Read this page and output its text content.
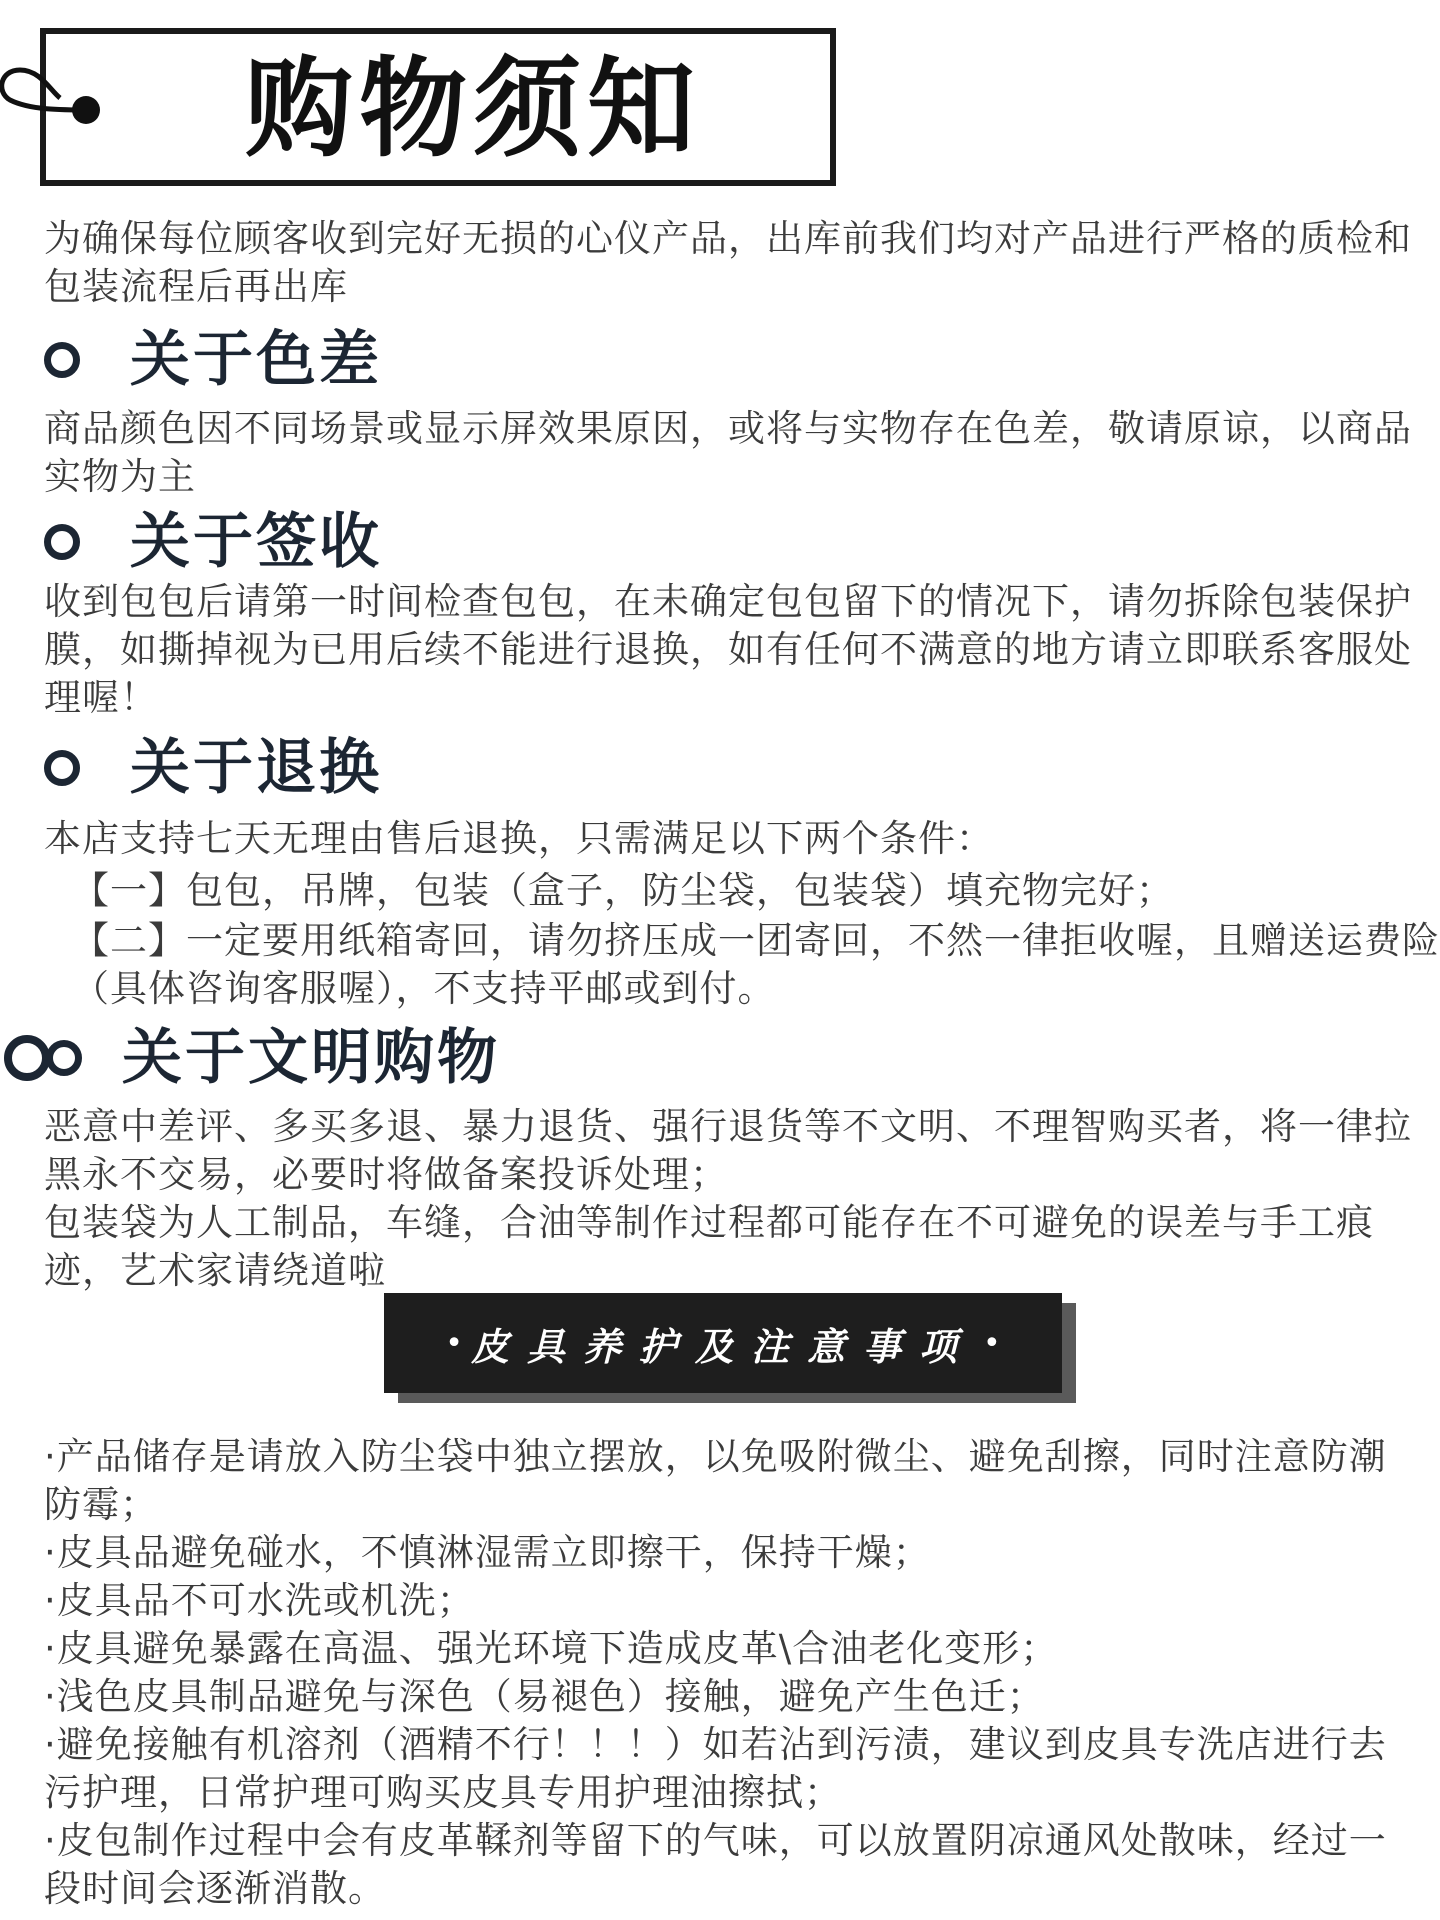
购物须知

为确保每位顾客收到完好无损的心仪产品，出库前我们均对产品进行严格的质检和包装流程后再出库

关于色差

商品颜色因不同场景或显示屏效果原因，或将与实物存在色差，敬请原谅，以商品实物为主

关于签收

收到包包后请第一时间检查包包，在未确定包包留下的情况下，请勿拆除包装保护膜，如撕掉视为已用后续不能进行退换，如有任何不满意的地方请立即联系客服处理喔！

关于退换

本店支持七天无理由售后退换，只需满足以下两个条件：

【一】包包，吊牌，包装（盒子，防尘袋，包装袋）填充物完好；

【二】一定要用纸箱寄回，请勿挤压成一团寄回，不然一律拒收喔，且赠送运费险（具体咨询客服喔），不支持平邮或到付。

关于文明购物

恶意中差评、多买多退、暴力退货、强行退货等不文明、不理智购买者，将一律拉黑永不交易，必要时将做备案投诉处理；

包装袋为人工制品，车缝，合油等制作过程都可能存在不可避免的误差与手工痕迹，艺术家请绕道啦

• 皮具养护及注意事项 •

·产品储存是请放入防尘袋中独立摆放，以免吸附微尘、避免刮擦，同时注意防潮防霉；

·皮具品避免碰水，不慎淋湿需立即擦干，保持干燥；

·皮具品不可水洗或机洗；

·皮具避免暴露在高温、强光环境下造成皮革\合油老化变形；

·浅色皮具制品避免与深色（易褪色）接触，避免产生色迁；

·避免接触有机溶剂（酒精不行！！！）如若沾到污渍，建议到皮具专洗店进行去污护理，日常护理可购买皮具专用护理油擦拭；

·皮包制作过程中会有皮革鞣剂等留下的气味，可以放置阴凉通风处散味，经过一段时间会逐渐消散。
